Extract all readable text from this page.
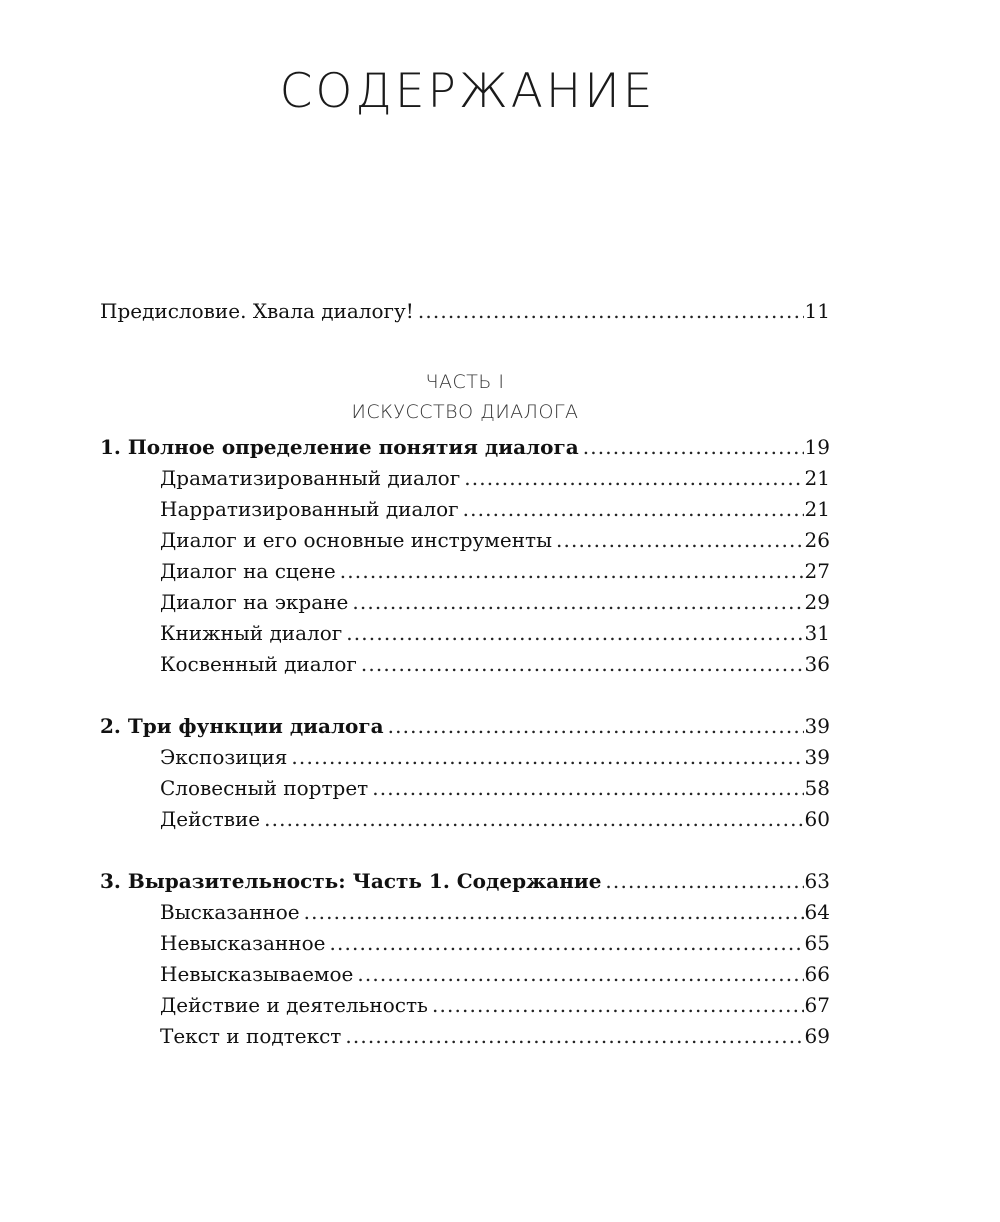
СОДЕРЖАНИЕ
Предисловие. Хвала диалогу! . . .	11
ЧАСТЬ I
ИСКУССТВО ДИАЛОГА
1. Полное определение понятия диалога . . .	19
Драматизированный диалог . . .	21
Нарратизированный диалог . . .	21
Диалог и его основные инструменты . . .	26
Диалог на сцене . . .	27
Диалог на экране . . .	29
Книжный диалог . . .	31
Косвенный диалог . . .	36
2. Три функции диалога . . .	39
Экспозиция . . .	39
Словесный портрет . . .	58
Действие . . .	60
3. Выразительность: Часть 1. Содержание . . .	63
Высказанное . . .	64
Невысказанное . . .	65
Невысказываемое . . .	66
Действие и деятельность . . .	67
Текст и подтекст . . .	69
